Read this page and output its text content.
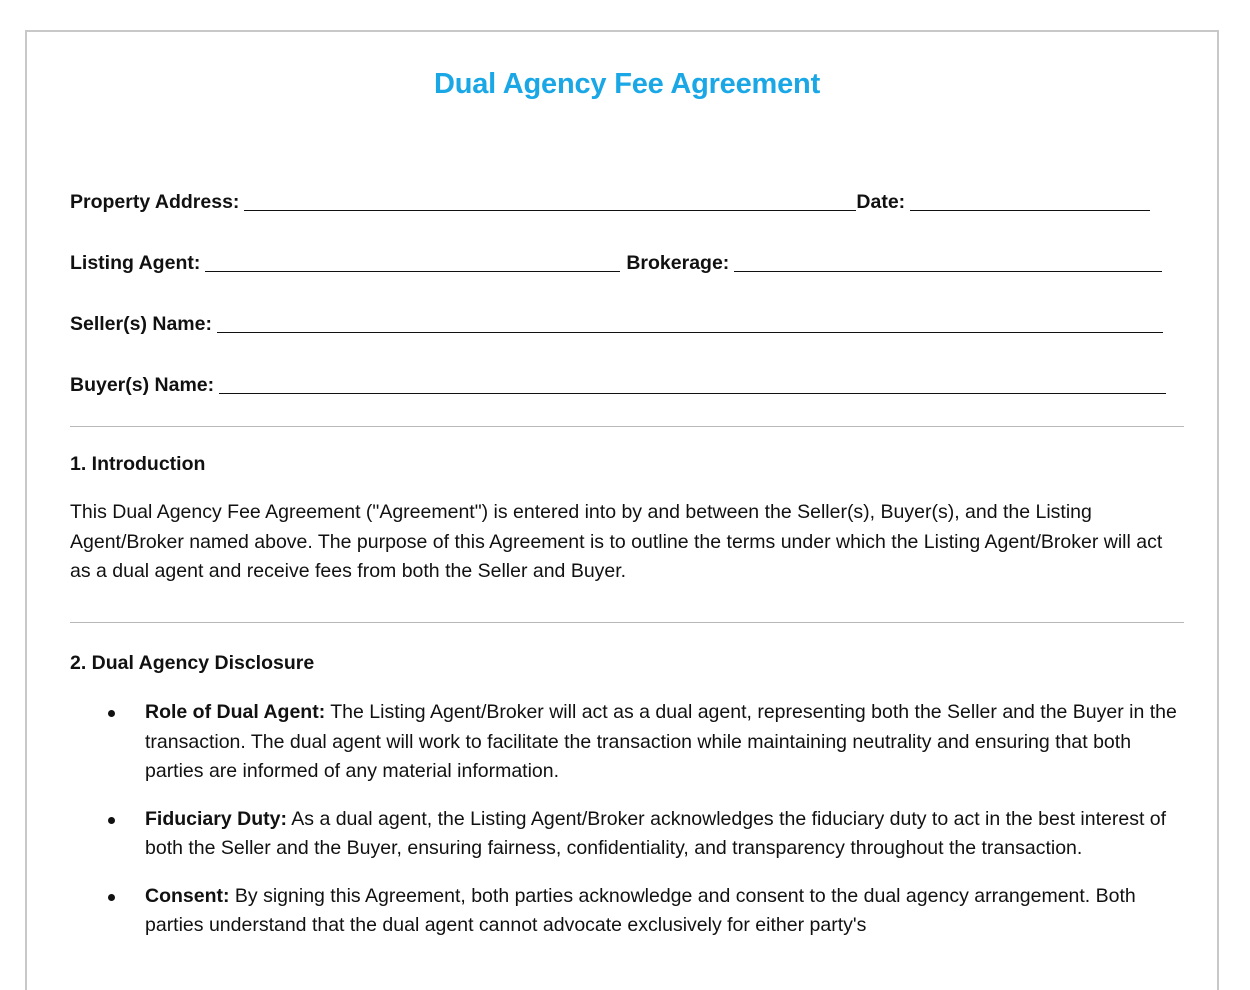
Dual Agency Fee Agreement
Property Address:	Date:
Listing Agent:	Brokerage:
Seller(s) Name:
Buyer(s) Name:
1. Introduction

This Dual Agency Fee Agreement ("Agreement") is entered into by and between the Seller(s), Buyer(s), and the Listing Agent/Broker named above. The purpose of this Agreement is to outline the terms under which the Listing Agent/Broker will act as a dual agent and receive fees from both the Seller and Buyer.

2. Dual Agency Disclosure
Role of Dual Agent: The Listing Agent/Broker will act as a dual agent, representing both the Seller and the Buyer in the transaction. The dual agent will work to facilitate the transaction while maintaining neutrality and ensuring that both parties are informed of any material information.
Fiduciary Duty: As a dual agent, the Listing Agent/Broker acknowledges the fiduciary duty to act in the best interest of both the Seller and the Buyer, ensuring fairness, confidentiality, and transparency throughout the transaction.
Consent: By signing this Agreement, both parties acknowledge and consent to the dual agency arrangement. Both parties understand that the dual agent cannot advocate exclusively for either party's
